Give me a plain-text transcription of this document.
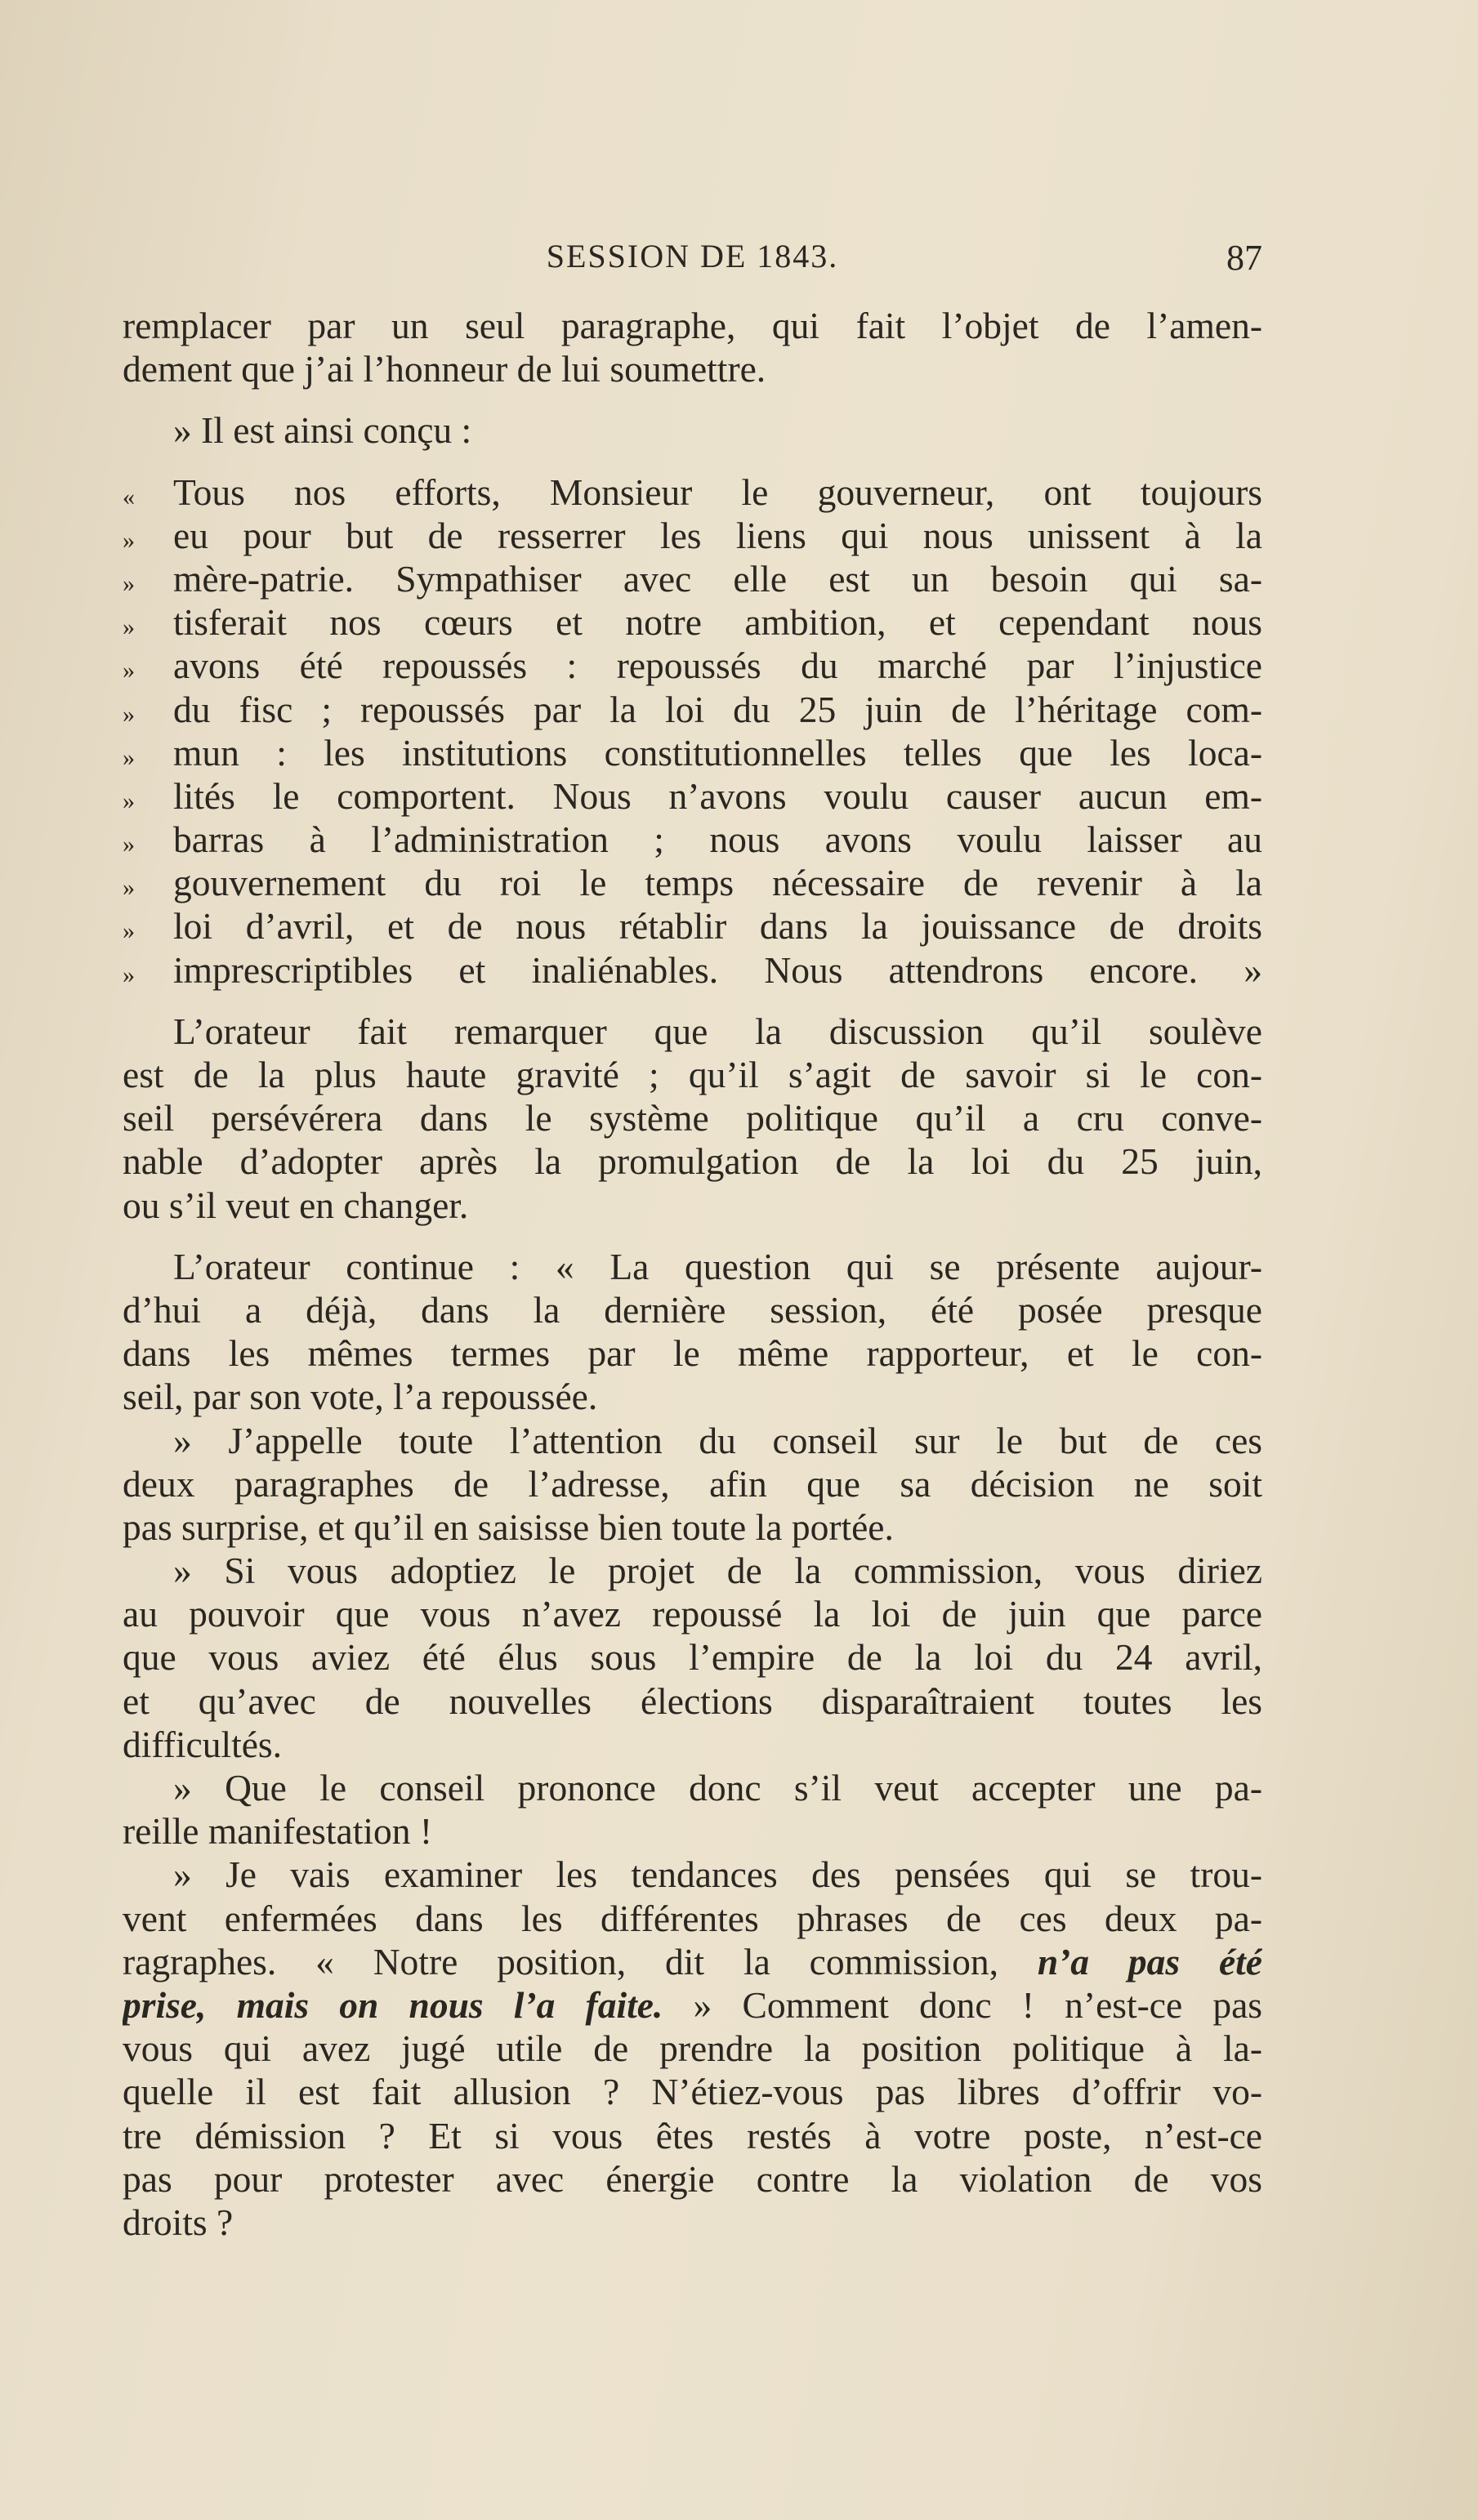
SESSION DE 1843.	87
remplacer par un seul paragraphe, qui fait l’objet de l’amen-
dement que j’ai l’honneur de lui soumettre.
» Il est ainsi conçu :
«	Tous nos efforts, Monsieur le gouverneur, ont toujours
»	eu pour but de resserrer les liens qui nous unissent à la
»	mère-patrie. Sympathiser avec elle est un besoin qui sa-
»	tisferait nos cœurs et notre ambition, et cependant nous
»	avons été repoussés : repoussés du marché par l’injustice
»	du fisc ; repoussés par la loi du 25 juin de l’héritage com-
»	mun : les institutions constitutionnelles telles que les loca-
»	lités le comportent. Nous n’avons voulu causer aucun em-
»	barras à l’administration ; nous avons voulu laisser au
»	gouvernement du roi le temps nécessaire de revenir à la
»	loi d’avril, et de nous rétablir dans la jouissance de droits
»	imprescriptibles et inaliénables. Nous attendrons encore. »
L’orateur fait remarquer que la discussion qu’il soulève
est de la plus haute gravité ; qu’il s’agit de savoir si le con-
seil persévérera dans le système politique qu’il a cru conve-
nable d’adopter après la promulgation de la loi du 25 juin,
ou s’il veut en changer.
L’orateur continue : « La question qui se présente aujour-
d’hui a déjà, dans la dernière session, été posée presque
dans les mêmes termes par le même rapporteur, et le con-
seil, par son vote, l’a repoussée.
» J’appelle toute l’attention du conseil sur le but de ces
deux paragraphes de l’adresse, afin que sa décision ne soit
pas surprise, et qu’il en saisisse bien toute la portée.
» Si vous adoptiez le projet de la commission, vous diriez
au pouvoir que vous n’avez repoussé la loi de juin que parce
que vous aviez été élus sous l’empire de la loi du 24 avril,
et qu’avec de nouvelles élections disparaîtraient toutes les
difficultés.
» Que le conseil prononce donc s’il veut accepter une pa-
reille manifestation !
» Je vais examiner les tendances des pensées qui se trou-
vent enfermées dans les différentes phrases de ces deux pa-
ragraphes. « Notre position, dit la commission, n’a pas été
prise, mais on nous l’a faite. » Comment donc ! n’est-ce pas
vous qui avez jugé utile de prendre la position politique à la-
quelle il est fait allusion ? N’étiez-vous pas libres d’offrir vo-
tre démission ? Et si vous êtes restés à votre poste, n’est-ce
pas pour protester avec énergie contre la violation de vos
droits ?
